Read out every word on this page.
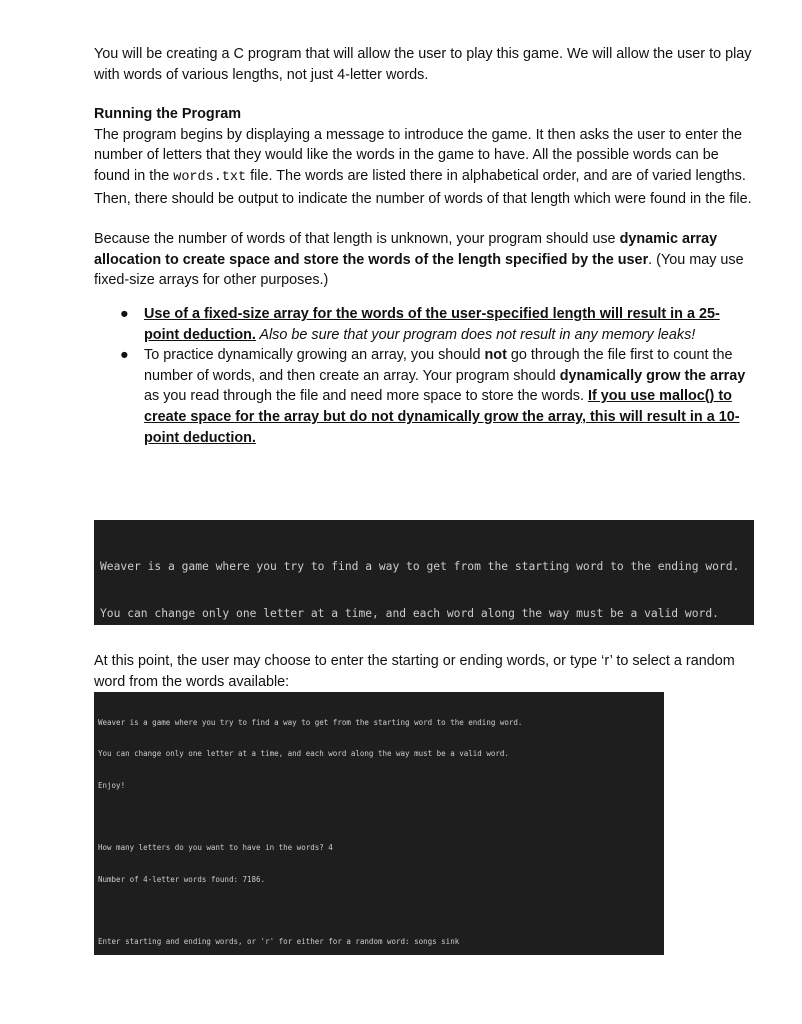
You will be creating a C program that will allow the user to play this game. We will allow the user to play with words of various lengths, not just 4-letter words.

Running the Program

The program begins by displaying a message to introduce the game. It then asks the user to enter the number of letters that they would like the words in the game to have. All the possible words can be found in the words.txt file. The words are listed there in alphabetical order, and are of varied lengths. Then, there should be output to indicate the number of words of that length which were found in the file.

Because the number of words of that length is unknown, your program should use dynamic array allocation to create space and store the words of the length specified by the user. (You may use fixed-size arrays for other purposes.)

● Use of a fixed-size array for the words of the user-specified length will result in a 25-point deduction. Also be sure that your program does not result in any memory leaks!
● To practice dynamically growing an array, you should not go through the file first to count the number of words, and then create an array. Your program should dynamically grow the array as you read through the file and need more space to store the words. If you use malloc() to create space for the array but do not dynamically grow the array, this will result in a 10-point deduction.

Weaver is a game where you try to find a way to get from the starting word to the ending word.

You can change only one letter at a time, and each word along the way must be a valid word.

At this point, the user may choose to enter the starting or ending words, or type ‘r’ to select a random word from the words available:

Weaver is a game where you try to find a way to get from the starting word to the ending word.

You can change only one letter at a time, and each word along the way must be a valid word.

Enjoy!

How many letters do you want to have in the words? 4

Number of 4-letter words found: 7186.

Enter starting and ending words, or 'r' for either for a random word: songs sink
